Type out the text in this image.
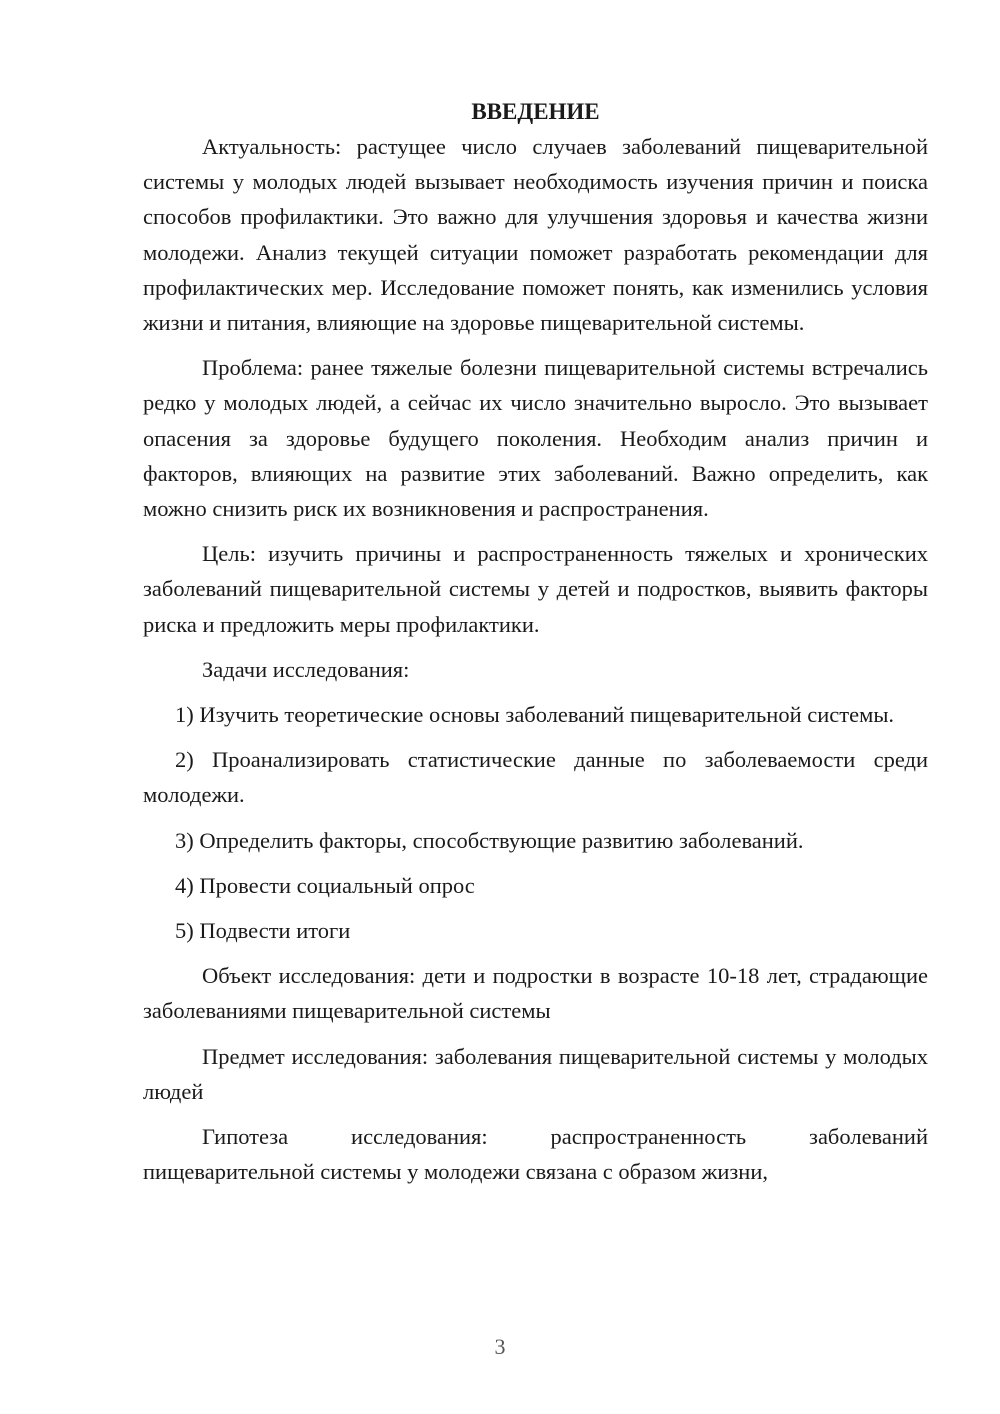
ВВЕДЕНИЕ

Актуальность: растущее число случаев заболеваний пищеварительной системы у молодых людей вызывает необходимость изучения причин и поиска способов профилактики. Это важно для улучшения здоровья и качества жизни молодежи. Анализ текущей ситуации поможет разработать рекомендации для профилактических мер. Исследование поможет понять, как изменились условия жизни и питания, влияющие на здоровье пищеварительной системы.

Проблема: ранее тяжелые болезни пищеварительной системы встречались редко у молодых людей, а сейчас их число значительно выросло. Это вызывает опасения за здоровье будущего поколения. Необходим анализ причин и факторов, влияющих на развитие этих заболеваний. Важно определить, как можно снизить риск их возникновения и распространения.

Цель: изучить причины и распространенность тяжелых и хронических заболеваний пищеварительной системы у детей и подростков, выявить факторы риска и предложить меры профилактики.

Задачи исследования:

1) Изучить теоретические основы заболеваний пищеварительной системы.

2) Проанализировать статистические данные по заболеваемости среди молодежи.

3) Определить факторы, способствующие развитию заболеваний.

4) Провести социальный опрос

5) Подвести итоги

Объект исследования: дети и подростки в возрасте 10-18 лет, страдающие заболеваниями пищеварительной системы

Предмет исследования: заболевания пищеварительной системы у молодых людей

Гипотеза исследования: распространенность заболеваний пищеварительной системы у молодежи связана с образом жизни,

3
